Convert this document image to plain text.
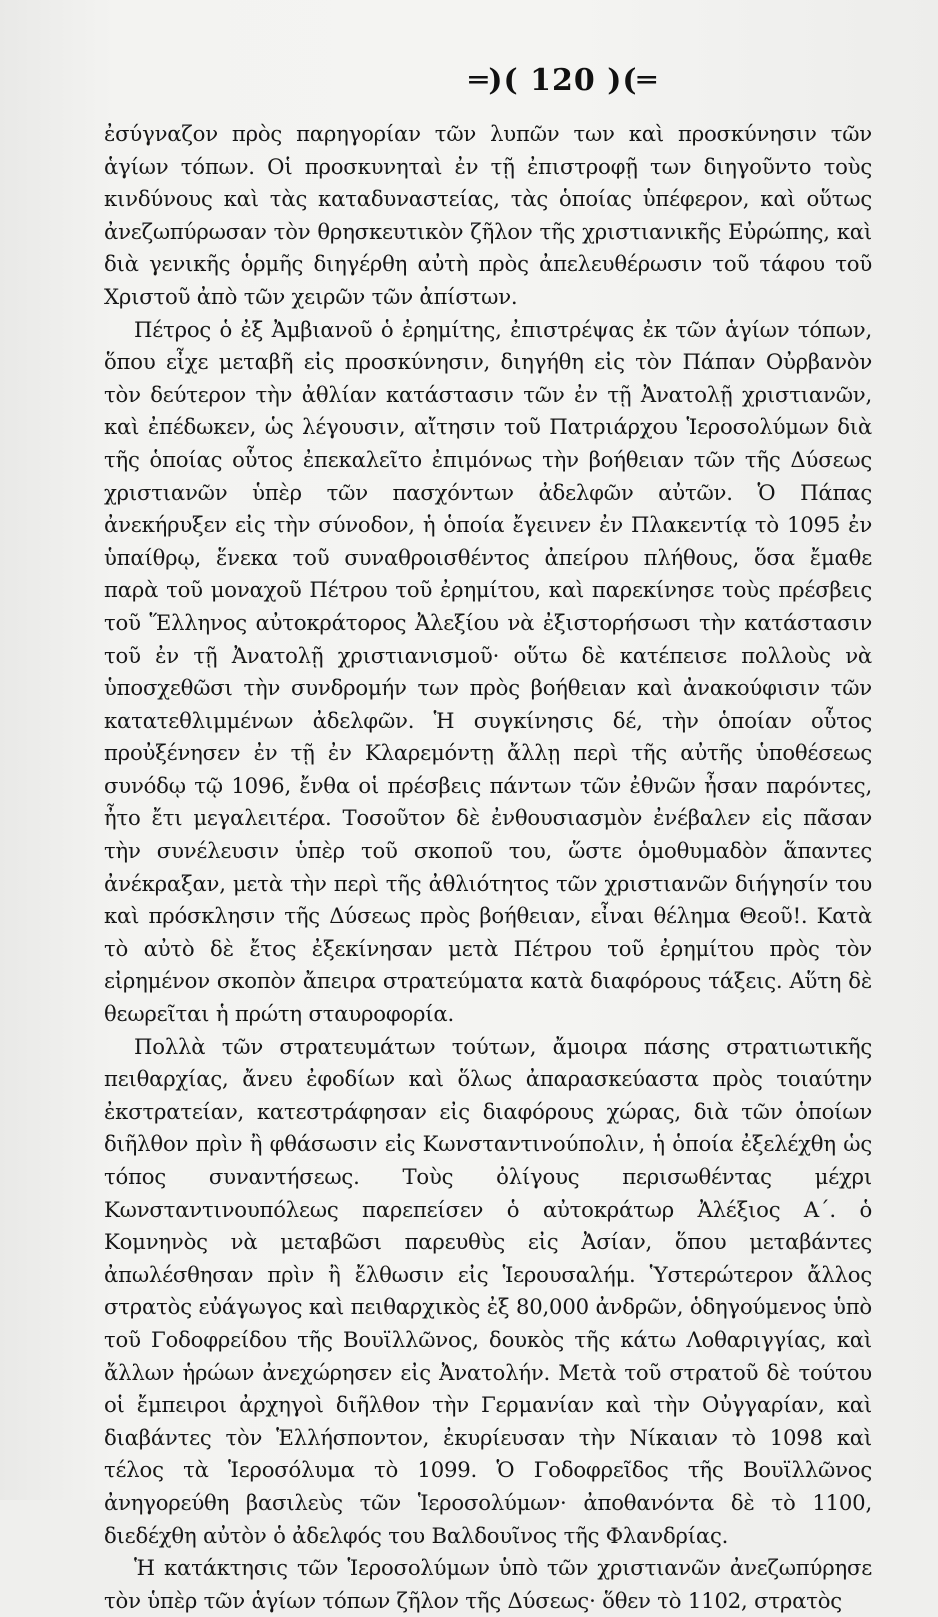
═)( 120 )(═

ἐσύγναζον πρὸς παρηγορίαν τῶν λυπῶν των καὶ προσκύνησιν τῶν ἁγίων τόπων. Οἱ προσκυνηταὶ ἐν τῇ ἐπιστροφῇ των διηγοῦντο τοὺς κινδύνους καὶ τὰς καταδυναστείας, τὰς ὁποίας ὑπέφερον, καὶ οὕτως ἀνεζωπύρωσαν τὸν θρησκευτικὸν ζῆλον τῆς χριστιανικῆς Εὐρώπης, καὶ διὰ γενικῆς ὁρμῆς διηγέρθη αὐτὴ πρὸς ἀπελευθέρωσιν τοῦ τάφου τοῦ Χριστοῦ ἀπὸ τῶν χειρῶν τῶν ἀπίστων.

Πέτρος ὁ ἐξ Ἀμβιανοῦ ὁ ἐρημίτης, ἐπιστρέψας ἐκ τῶν ἁγίων τόπων, ὅπου εἶχε μεταβῆ εἰς προσκύνησιν, διηγήθη εἰς τὸν Πάπαν Οὐρβανὸν τὸν δεύτερον τὴν ἀθλίαν κατάστασιν τῶν ἐν τῇ Ἀνατολῇ χριστιανῶν, καὶ ἐπέδωκεν, ὡς λέγουσιν, αἴτησιν τοῦ Πατριάρχου Ἱεροσολύμων διὰ τῆς ὁποίας οὗτος ἐπεκαλεῖτο ἐπιμόνως τὴν βοήθειαν τῶν τῆς Δύσεως χριστιανῶν ὑπὲρ τῶν πασχόντων ἀδελφῶν αὐτῶν. Ὁ Πάπας ἀνεκήρυξεν εἰς τὴν σύνοδον, ἡ ὁποία ἔγεινεν ἐν Πλακεντίᾳ τὸ 1095 ἐν ὑπαίθρῳ, ἕνεκα τοῦ συναθροισθέντος ἀπείρου πλήθους, ὅσα ἔμαθε παρὰ τοῦ μοναχοῦ Πέτρου τοῦ ἐρημίτου, καὶ παρεκίνησε τοὺς πρέσβεις τοῦ Ἕλληνος αὐτοκράτορος Ἀλεξίου νὰ ἐξιστορήσωσι τὴν κατάστασιν τοῦ ἐν τῇ Ἀνατολῇ χριστιανισμοῦ· οὕτω δὲ κατέπεισε πολλοὺς νὰ ὑποσχεθῶσι τὴν συνδρομήν των πρὸς βοήθειαν καὶ ἀνακούφισιν τῶν κατατεθλιμμένων ἀδελφῶν. Ἡ συγκίνησις δέ, τὴν ὁποίαν οὗτος προὐξένησεν ἐν τῇ ἐν Κλαρεμόντῃ ἄλλῃ περὶ τῆς αὐτῆς ὑποθέσεως συνόδῳ τῷ 1096, ἔνθα οἱ πρέσβεις πάντων τῶν ἐθνῶν ἦσαν παρόντες, ἦτο ἔτι μεγαλειτέρα. Τοσοῦτον δὲ ἐνθουσιασμὸν ἐνέβαλεν εἰς πᾶσαν τὴν συνέλευσιν ὑπὲρ τοῦ σκοποῦ του, ὥστε ὁμοθυμαδὸν ἅπαντες ἀνέκραξαν, μετὰ τὴν περὶ τῆς ἀθλιότητος τῶν χριστιανῶν διήγησίν του καὶ πρόσκλησιν τῆς Δύσεως πρὸς βοήθειαν, εἶναι θέλημα Θεοῦ!. Κατὰ τὸ αὐτὸ δὲ ἔτος ἐξεκίνησαν μετὰ Πέτρου τοῦ ἐρημίτου πρὸς τὸν εἰρημένον σκοπὸν ἄπειρα στρατεύματα κατὰ διαφόρους τάξεις. Αὕτη δὲ θεωρεῖται ἡ πρώτη σταυροφορία.

Πολλὰ τῶν στρατευμάτων τούτων, ἄμοιρα πάσης στρατιωτικῆς πειθαρχίας, ἄνευ ἐφοδίων καὶ ὅλως ἀπαρασκεύαστα πρὸς τοιαύτην ἐκστρατείαν, κατεστράφησαν εἰς διαφόρους χώρας, διὰ τῶν ὁποίων διῆλθον πρὶν ἢ φθάσωσιν εἰς Κωνσταντινούπολιν, ἡ ὁποία ἐξελέχθη ὡς τόπος συναντήσεως. Τοὺς ὀλίγους περισωθέντας μέχρι Κωνσταντινουπόλεως παρεπείσεν ὁ αὐτοκράτωρ Ἀλέξιος Α΄. ὁ Κομνηνὸς νὰ μεταβῶσι παρευθὺς εἰς Ἀσίαν, ὅπου μεταβάντες ἀπωλέσθησαν πρὶν ἢ ἔλθωσιν εἰς Ἱερουσαλήμ. Ὑστερώτερον ἄλλος στρατὸς εὐάγωγος καὶ πειθαρχικὸς ἐξ 80,000 ἀνδρῶν, ὁδηγούμενος ὑπὸ τοῦ Γοδοφρείδου τῆς Βουϊλλῶνος, δουκὸς τῆς κάτω Λοθαριγγίας, καὶ ἄλλων ἡρώων ἀνεχώρησεν εἰς Ἀνατολήν. Μετὰ τοῦ στρατοῦ δὲ τούτου οἱ ἔμπειροι ἀρχηγοὶ διῆλθον τὴν Γερμανίαν καὶ τὴν Οὐγγαρίαν, καὶ διαβάντες τὸν Ἑλλήσποντον, ἐκυρίευσαν τὴν Νίκαιαν τὸ 1098 καὶ τέλος τὰ Ἱεροσόλυμα τὸ 1099. Ὁ Γοδοφρεῖδος τῆς Βουϊλλῶνος ἀνηγορεύθη βασιλεὺς τῶν Ἱεροσολύμων· ἀποθανόντα δὲ τὸ 1100, διεδέχθη αὐτὸν ὁ ἀδελφός του Βαλδουῖνος τῆς Φλανδρίας.

Ἡ κατάκτησις τῶν Ἱεροσολύμων ὑπὸ τῶν χριστιανῶν ἀνεζωπύρησε τὸν ὑπὲρ τῶν ἁγίων τόπων ζῆλον τῆς Δύσεως· ὅθεν τὸ 1102, στρατὸς
